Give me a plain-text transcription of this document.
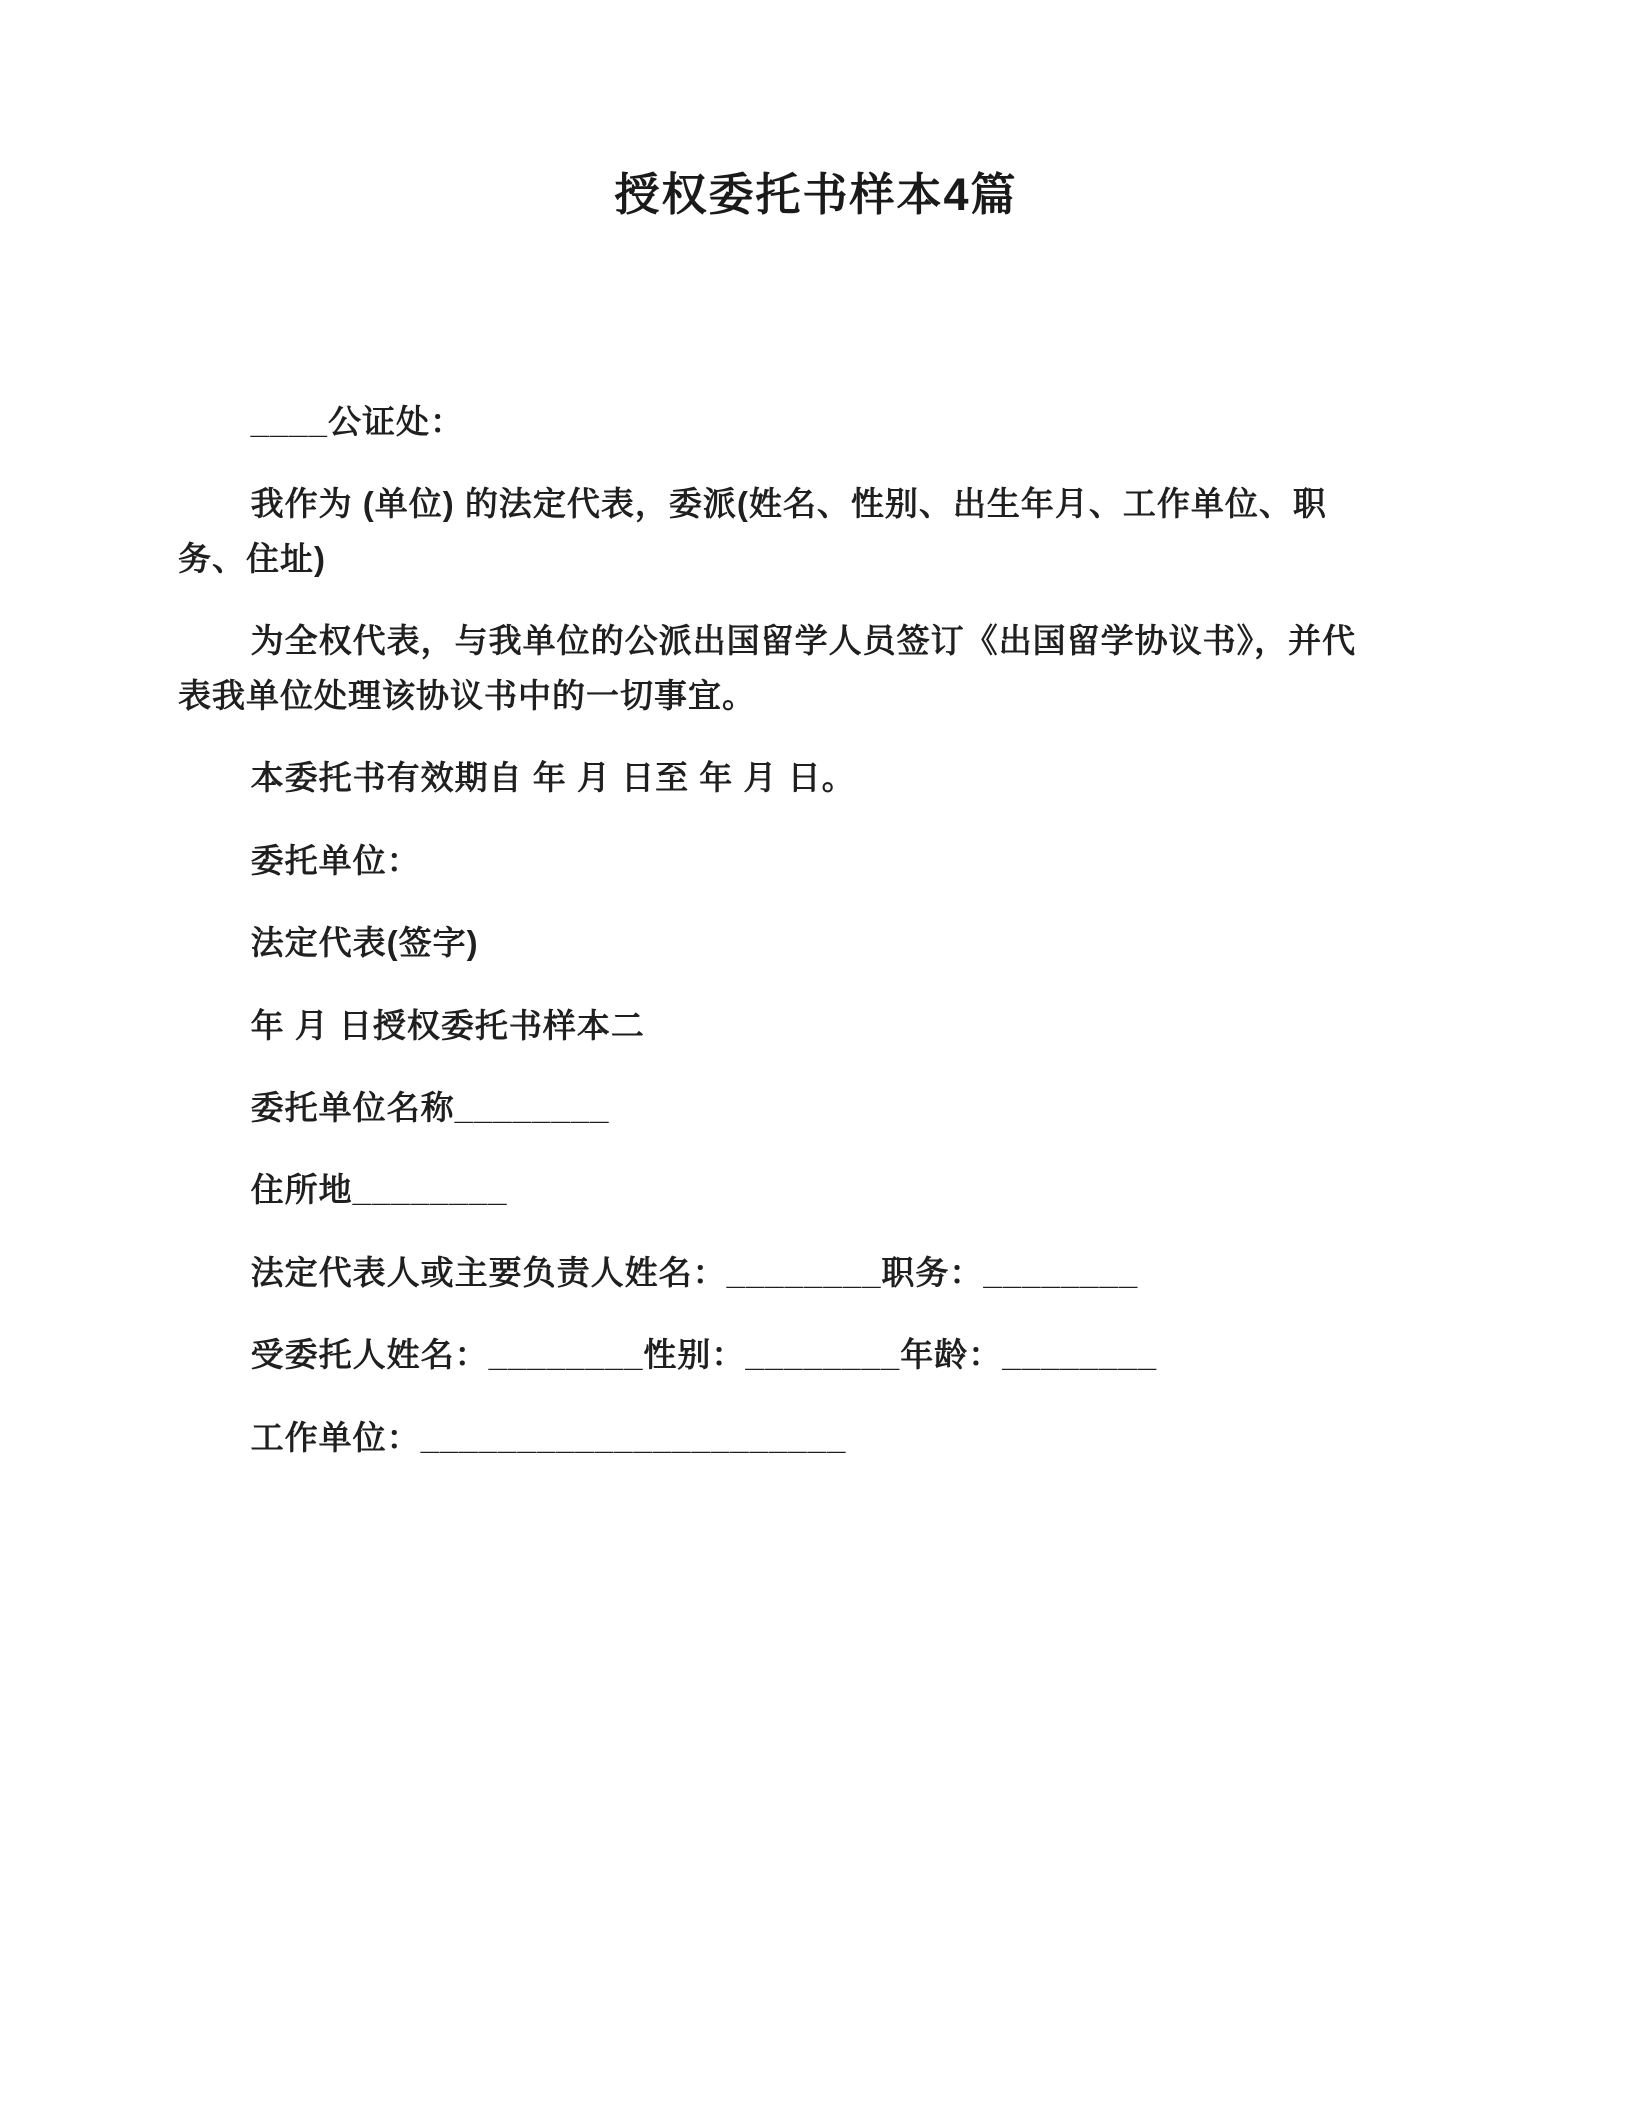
授权委托书样本4篇

____公证处：

我作为 (单位) 的法定代表，委派(姓名、性别、出生年月、工作单位、职务、住址)

为全权代表，与我单位的公派出国留学人员签订《出国留学协议书》，并代表我单位处理该协议书中的一切事宜。

本委托书有效期自 年 月 日至 年 月 日。

委托单位：

法定代表(签字)

年 月 日授权委托书样本二

委托单位名称________

住所地________

法定代表人或主要负责人姓名：________职务：________

受委托人姓名：________性别：________年龄：________

工作单位：______________________
